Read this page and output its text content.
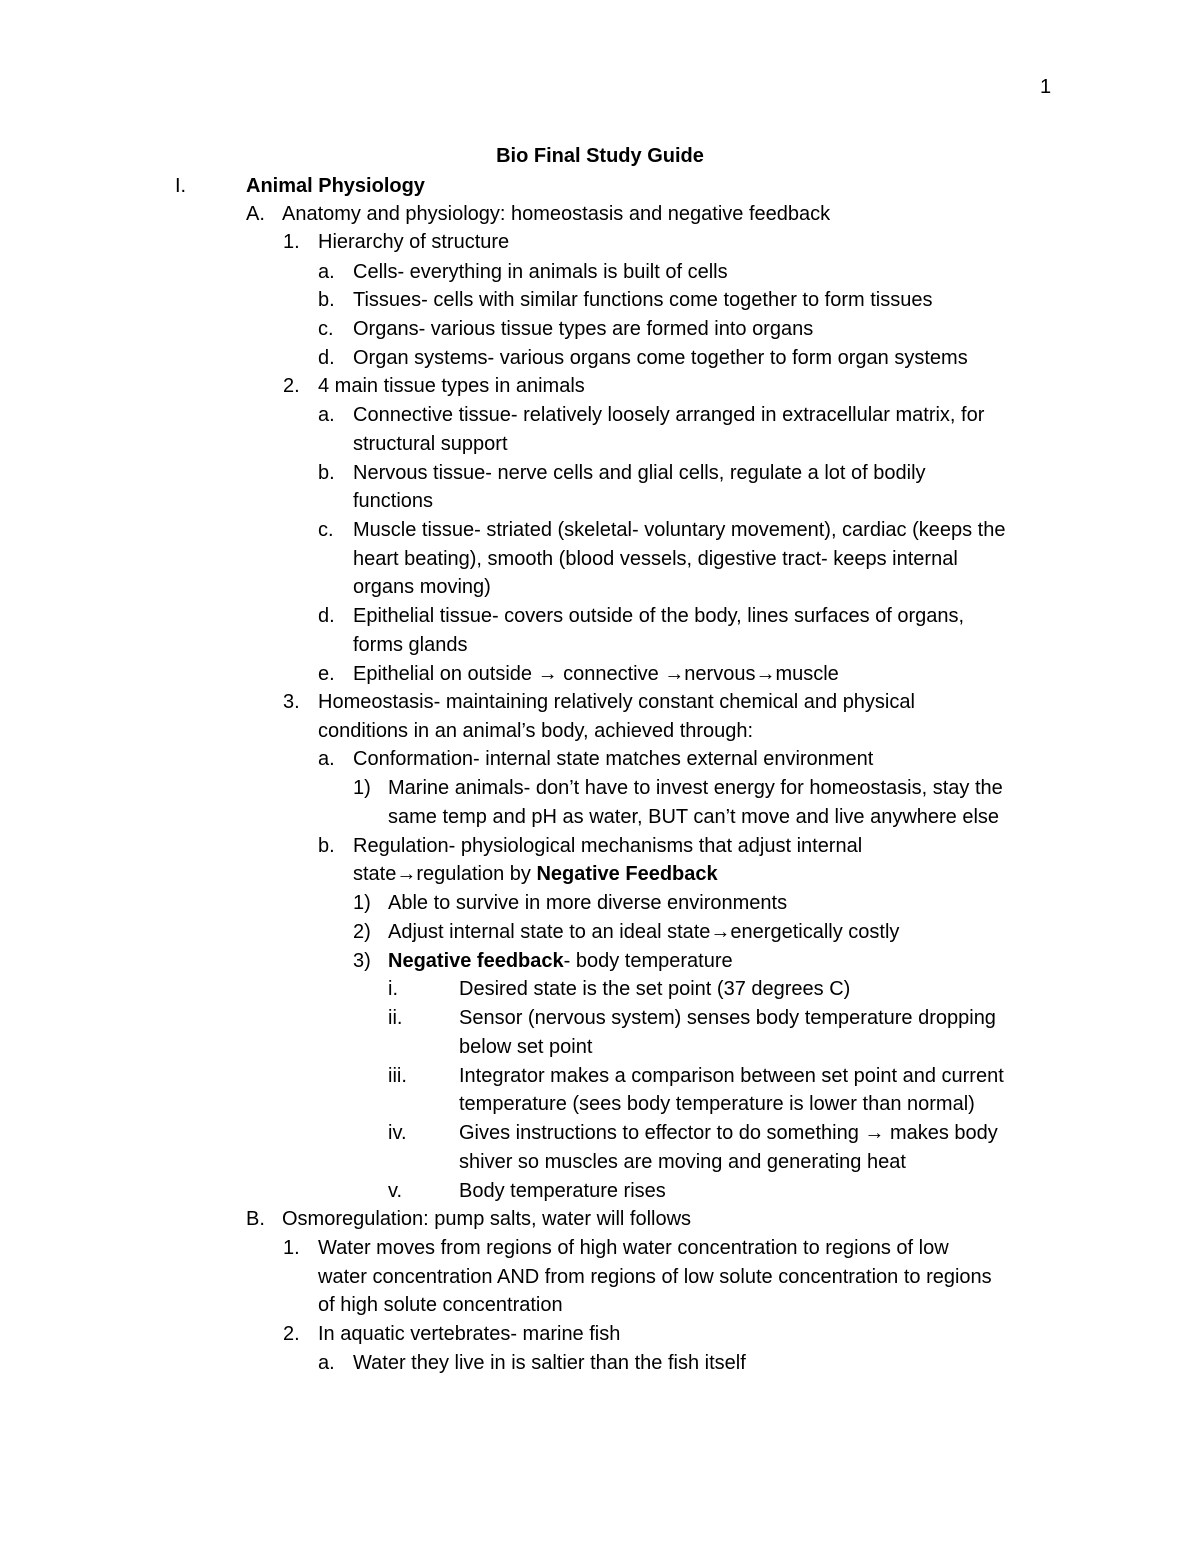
1
Bio Final Study Guide
I.	Animal Physiology
A. Anatomy and physiology: homeostasis and negative feedback
1. Hierarchy of structure
a. Cells- everything in animals is built of cells
b. Tissues- cells with similar functions come together to form tissues
c. Organs- various tissue types are formed into organs
d. Organ systems- various organs come together to form organ systems
2. 4 main tissue types in animals
a. Connective tissue- relatively loosely arranged in extracellular matrix, for
structural support
b. Nervous tissue- nerve cells and glial cells, regulate a lot of bodily
functions
c. Muscle tissue- striated (skeletal- voluntary movement), cardiac (keeps the
heart beating), smooth (blood vessels, digestive tract- keeps internal
organs moving)
d. Epithelial tissue- covers outside of the body, lines surfaces of organs,
forms glands
e. Epithelial on outside → connective →nervous→muscle
3. Homeostasis- maintaining relatively constant chemical and physical
conditions in an animal’s body, achieved through:
a. Conformation- internal state matches external environment
1) Marine animals- don’t have to invest energy for homeostasis, stay the
same temp and pH as water, BUT can’t move and live anywhere else
b. Regulation- physiological mechanisms that adjust internal
state→regulation by Negative Feedback
1) Able to survive in more diverse environments
2) Adjust internal state to an ideal state→energetically costly
3) Negative feedback- body temperature
i.	Desired state is the set point (37 degrees C)
ii.	Sensor (nervous system) senses body temperature dropping
below set point
iii.	Integrator makes a comparison between set point and current
temperature (sees body temperature is lower than normal)
iv.	Gives instructions to effector to do something → makes body
shiver so muscles are moving and generating heat
v.	Body temperature rises
B. Osmoregulation: pump salts, water will follows
1. Water moves from regions of high water concentration to regions of low
water concentration AND from regions of low solute concentration to regions
of high solute concentration
2. In aquatic vertebrates- marine fish
a. Water they live in is saltier than the fish itself
